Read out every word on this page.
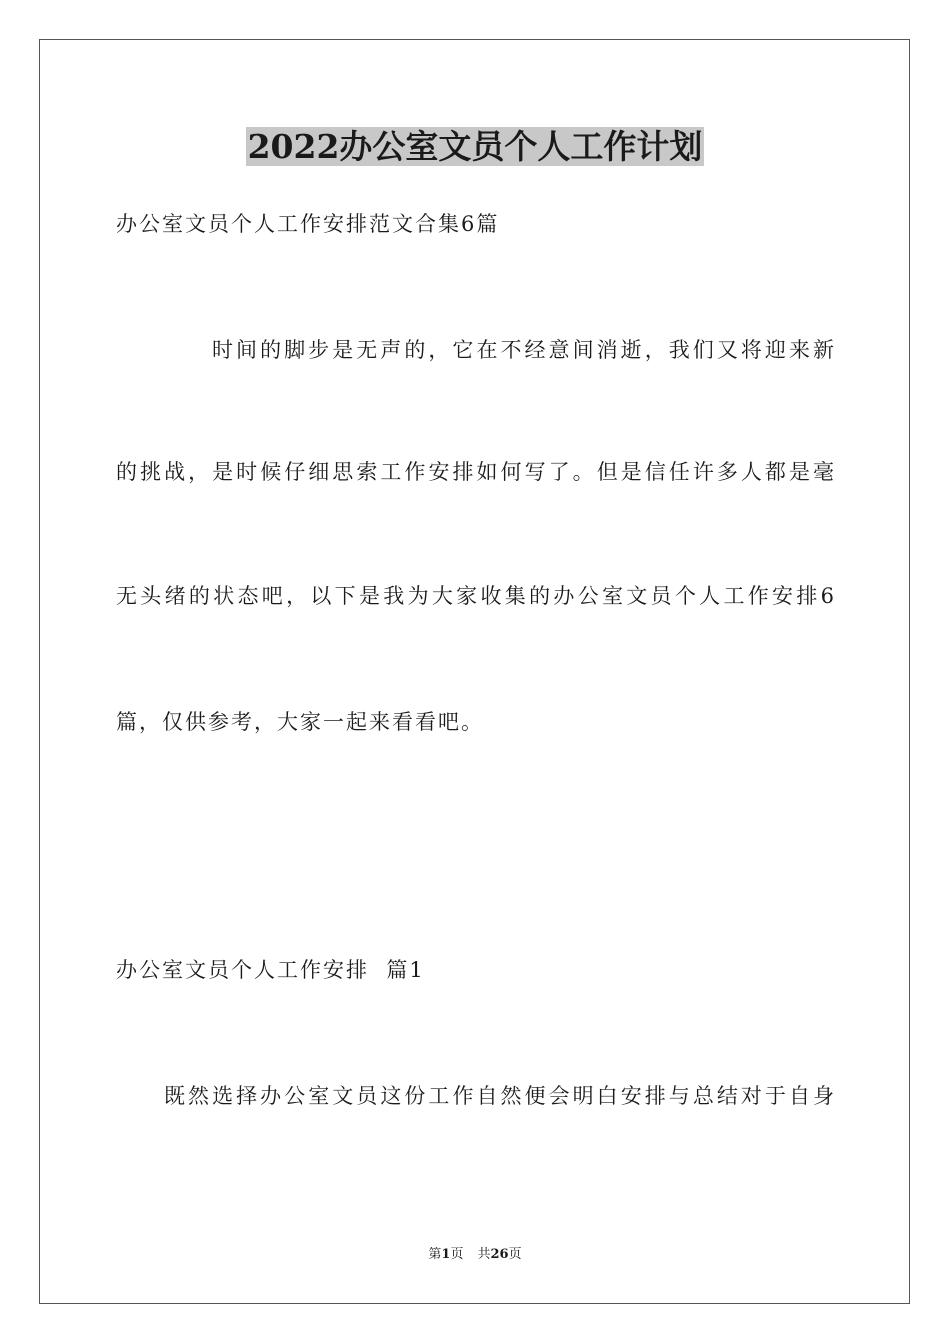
2022办公室文员个人工作计划

办公室文员个人工作安排范文合集6篇

时间的脚步是无声的，它在不经意间消逝，我们又将迎来新

的挑战，是时候仔细思索工作安排如何写了。但是信任许多人都是毫

无头绪的状态吧，以下是我为大家收集的办公室文员个人工作安排6

篇，仅供参考，大家一起来看看吧。

办公室文员个人工作安排  篇1

既然选择办公室文员这份工作自然便会明白安排与总结对于自身

第1页 共26页
